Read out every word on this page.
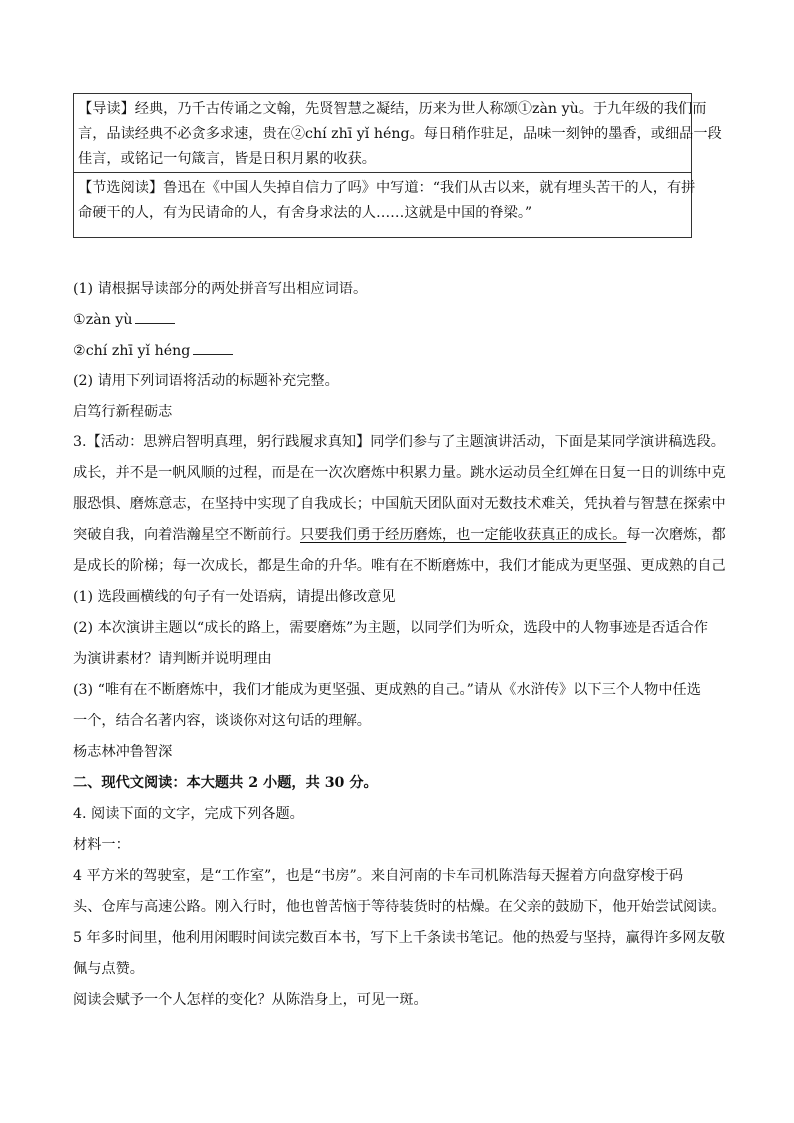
【导读】经典，乃千古传诵之文翰，先贤智慧之凝结，历来为世人称颂①zàn yù。于九年级的我们而
言，品读经典不必贪多求速，贵在②chí zhī yǐ héng。每日稍作驻足，品味一刻钟的墨香，或细品一段
佳言，或铭记一句箴言，皆是日积月累的收获。
【节选阅读】鲁迅在《中国人失掉自信力了吗》中写道：“我们从古以来，就有埋头苦干的人，有拼
命硬干的人，有为民请命的人，有舍身求法的人……这就是中国的脊梁。”
(1) 请根据导读部分的两处拼音写出相应词语。
①zàn yù
②chí zhī yǐ héng
(2) 请用下列词语将活动的标题补充完整。
启笃行新程砺志
3.【活动：思辨启智明真理，躬行践履求真知】同学们参与了主题演讲活动，下面是某同学演讲稿选段。
成长，并不是一帆风顺的过程，而是在一次次磨炼中积累力量。跳水运动员全红婵在日复一日的训练中克
服恐惧、磨炼意志，在坚持中实现了自我成长；中国航天团队面对无数技术难关，凭执着与智慧在探索中
突破自我，向着浩瀚星空不断前行。只要我们勇于经历磨炼，也一定能收获真正的成长。每一次磨炼，都
是成长的阶梯；每一次成长，都是生命的升华。唯有在不断磨炼中，我们才能成为更坚强、更成熟的自己
(1) 选段画横线的句子有一处语病，请提出修改意见
(2) 本次演讲主题以“成长的路上，需要磨炼”为主题，以同学们为听众，选段中的人物事迹是否适合作
为演讲素材？请判断并说明理由
(3) “唯有在不断磨炼中，我们才能成为更坚强、更成熟的自己。”请从《水浒传》以下三个人物中任选
一个，结合名著内容，谈谈你对这句话的理解。
杨志林冲鲁智深
二、现代文阅读：本大题共 2 小题，共 30 分。
4. 阅读下面的文字，完成下列各题。
材料一：
4 平方米的驾驶室，是“工作室”，也是“书房”。来自河南的卡车司机陈浩每天握着方向盘穿梭于码
头、仓库与高速公路。刚入行时，他也曾苦恼于等待装货时的枯燥。在父亲的鼓励下，他开始尝试阅读。
5 年多时间里，他利用闲暇时间读完数百本书，写下上千条读书笔记。他的热爱与坚持，赢得许多网友敬
佩与点赞。
阅读会赋予一个人怎样的变化？从陈浩身上，可见一斑。
